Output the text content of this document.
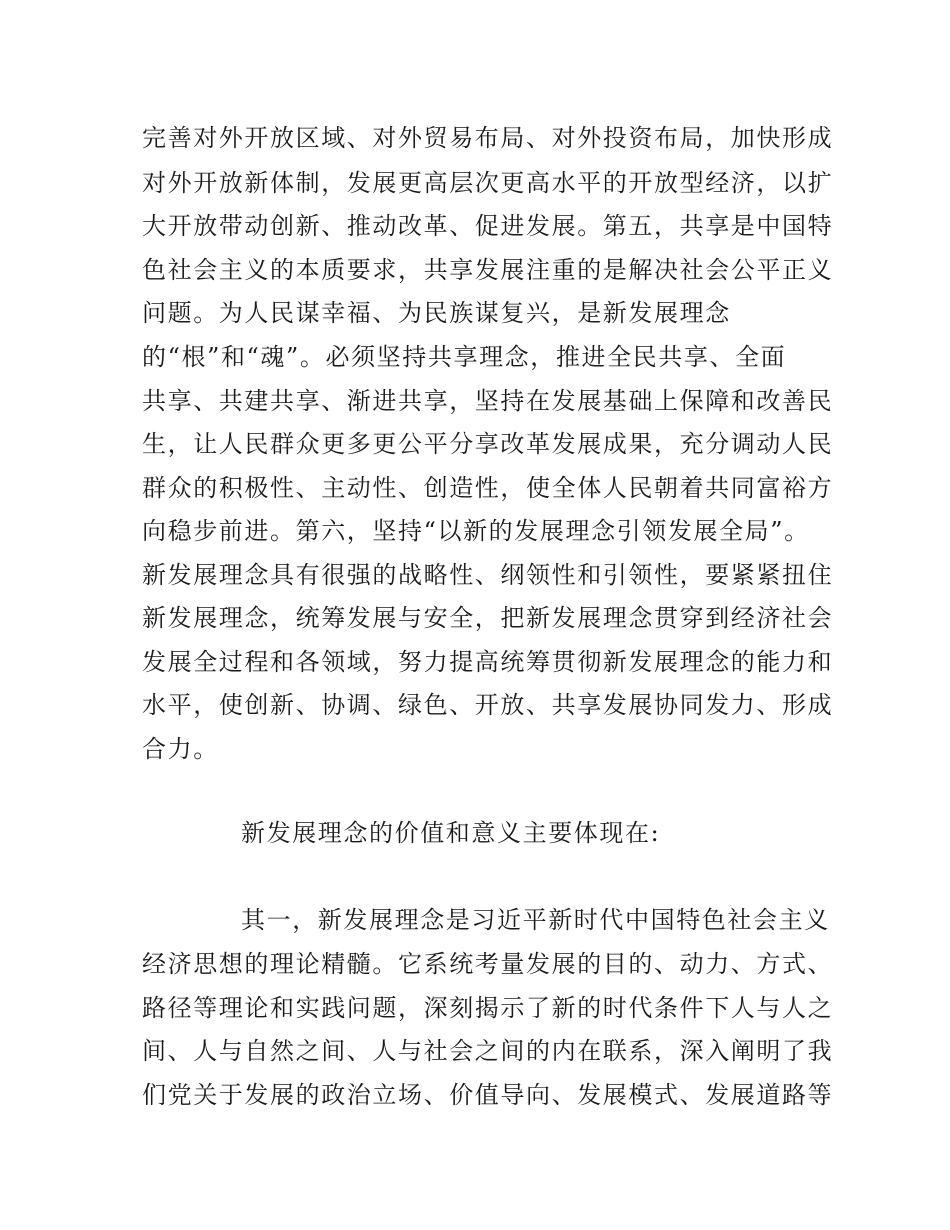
完善对外开放区域、对外贸易布局、对外投资布局，加快形成
对外开放新体制，发展更高层次更高水平的开放型经济，以扩
大开放带动创新、推动改革、促进发展。第五，共享是中国特
色社会主义的本质要求，共享发展注重的是解决社会公平正义
问题。为人民谋幸福、为民族谋复兴，是新发展理念
的“根”和“魂”。必须坚持共享理念，推进全民共享、全面
共享、共建共享、渐进共享，坚持在发展基础上保障和改善民
生，让人民群众更多更公平分享改革发展成果，充分调动人民
群众的积极性、主动性、创造性，使全体人民朝着共同富裕方
向稳步前进。第六，坚持“以新的发展理念引领发展全局”。
新发展理念具有很强的战略性、纲领性和引领性，要紧紧扭住
新发展理念，统筹发展与安全，把新发展理念贯穿到经济社会
发展全过程和各领域，努力提高统筹贯彻新发展理念的能力和
水平，使创新、协调、绿色、开放、共享发展协同发力、形成
合力。
新发展理念的价值和意义主要体现在:
其一，新发展理念是习近平新时代中国特色社会主义
经济思想的理论精髓。它系统考量发展的目的、动力、方式、
路径等理论和实践问题，深刻揭示了新的时代条件下人与人之
间、人与自然之间、人与社会之间的内在联系，深入阐明了我
们党关于发展的政治立场、价值导向、发展模式、发展道路等
